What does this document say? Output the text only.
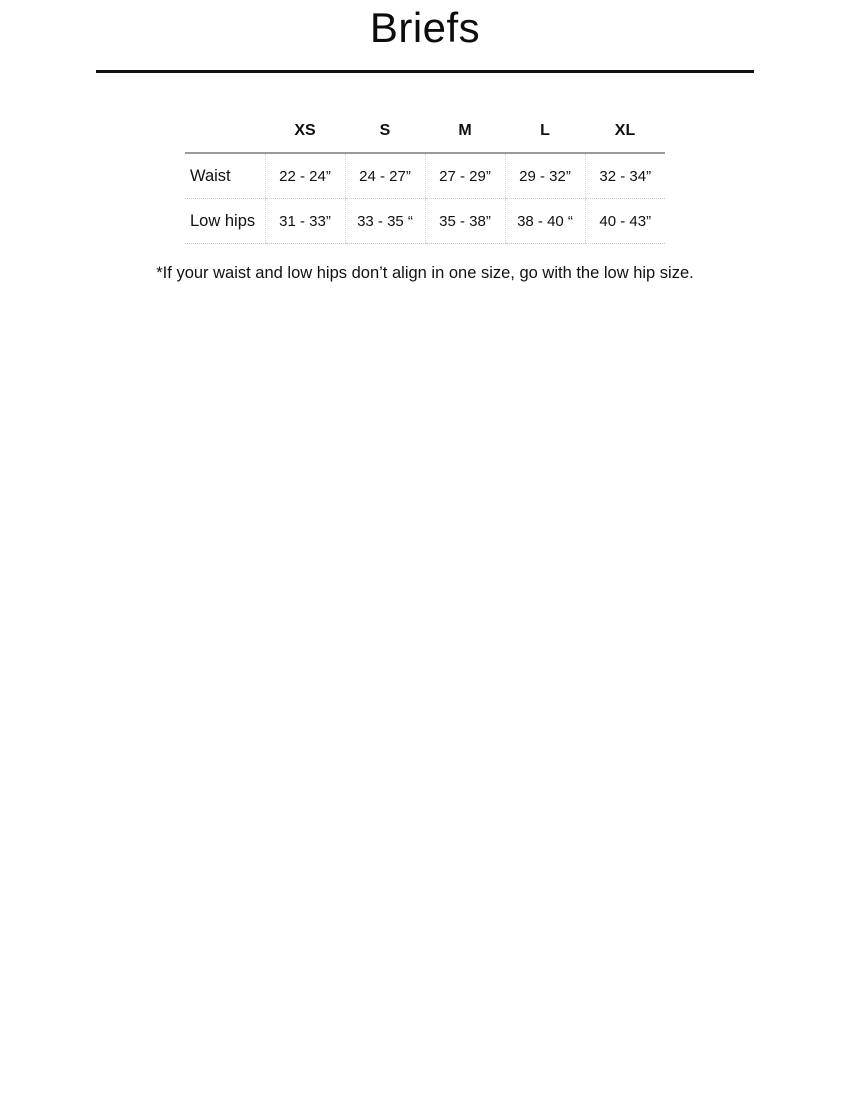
Briefs
	XS	S	M	L	XL
Waist	22 - 24”	24 - 27”	27 - 29”	29 - 32”	32 - 34”
Low hips	31 - 33”	33 - 35 “	35 - 38”	38 - 40 “	40 - 43”

*If your waist and low hips don’t align in one size, go with the low hip size.
